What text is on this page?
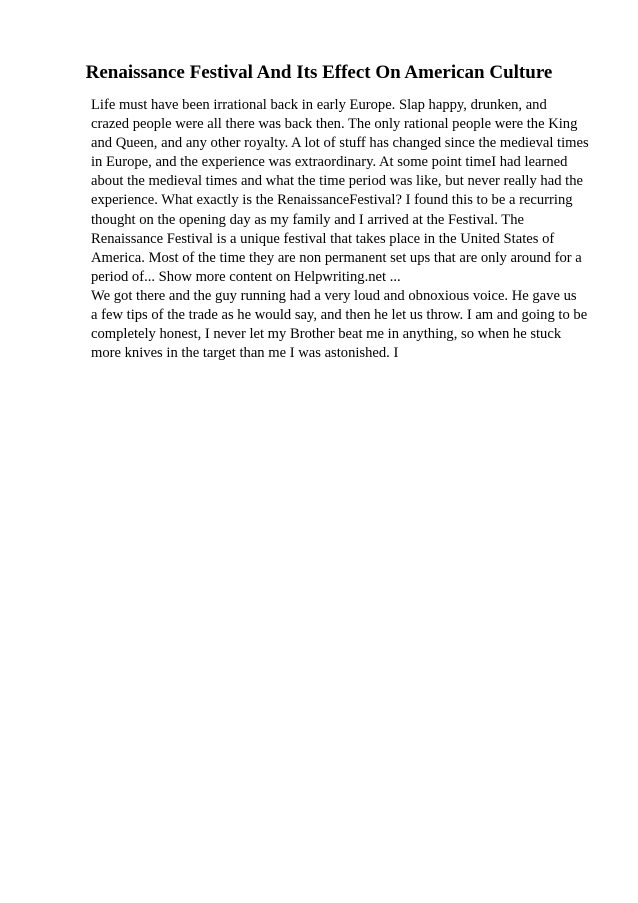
Renaissance Festival And Its Effect On American Culture
Life must have been irrational back in early Europe. Slap happy, drunken, and
crazed people were all there was back then. The only rational people were the King
and Queen, and any other royalty. A lot of stuff has changed since the medieval times
in Europe, and the experience was extraordinary. At some point timeI had learned
about the medieval times and what the time period was like, but never really had the
experience. What exactly is the RenaissanceFestival? I found this to be a recurring
thought on the opening day as my family and I arrived at the Festival. The
Renaissance Festival is a unique festival that takes place in the United States of
America. Most of the time they are non permanent set ups that are only around for a
period of... Show more content on Helpwriting.net ...
We got there and the guy running had a very loud and obnoxious voice. He gave us
a few tips of the trade as he would say, and then he let us throw. I am and going to be
completely honest, I never let my Brother beat me in anything, so when he stuck
more knives in the target than me I was astonished. I
